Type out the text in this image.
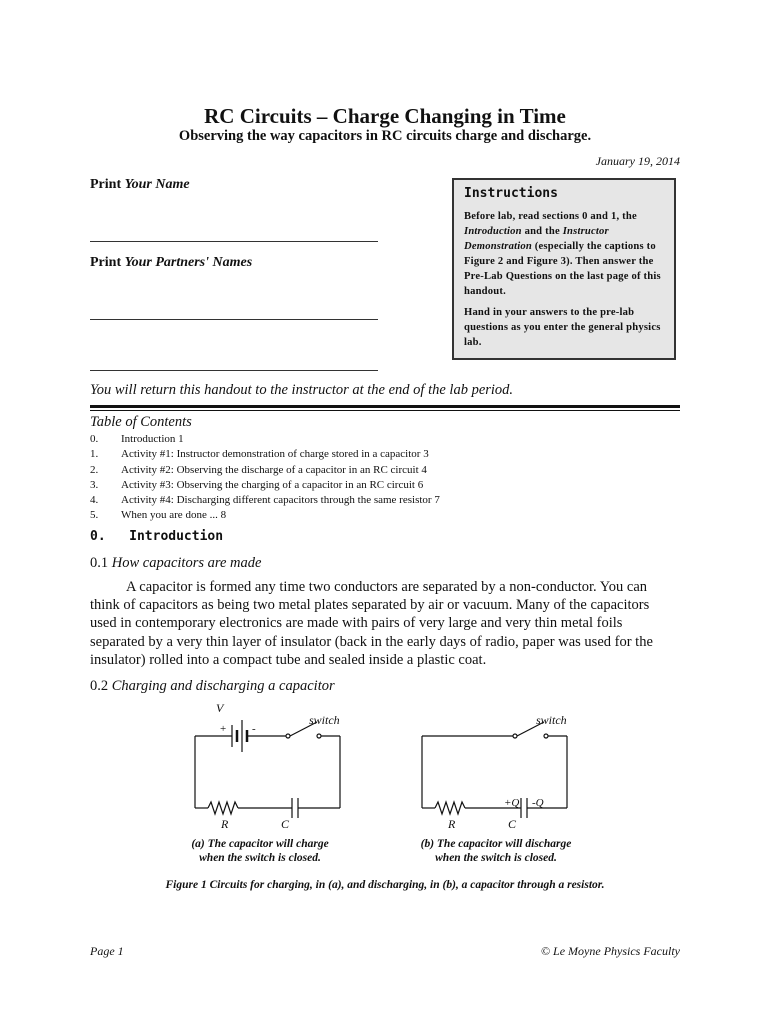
RC Circuits – Charge Changing in Time
Observing the way capacitors in RC circuits charge and discharge.
January 19, 2014
Print Your Name
Print Your Partners' Names
Instructions

Before lab, read sections 0 and 1, the Introduction and the Instructor Demonstration (especially the captions to Figure 2 and Figure 3). Then answer the Pre-Lab Questions on the last page of this handout.

Hand in your answers to the pre-lab questions as you enter the general physics lab.

You will return this handout to the instructor at the end of the lab period.
Table of Contents
0.	Introduction 1
1.	Activity #1: Instructor demonstration of charge stored in a capacitor 3
2.	Activity #2: Observing the discharge of a capacitor in an RC circuit 4
3.	Activity #3: Observing the charging of a capacitor in an RC circuit 6
4.	Activity #4: Discharging different capacitors through the same resistor 7
5.	When you are done ... 8
0.   Introduction
0.1 How capacitors are made
A capacitor is formed any time two conductors are separated by a non-conductor. You can
think of capacitors as being two metal plates separated by air or vacuum. Many of the capacitors
used in contemporary electronics are made with pairs of very large and very thin metal foils
separated by a very thin layer of insulator (back in the early days of radio, paper was used for the
insulator) rolled into a compact tube and sealed inside a plastic coat.
0.2 Charging and discharging a capacitor
V
+ -
switch
R	C
switch
+Q -Q
R	C
(a) The capacitor will charge
when the switch is closed.
(b) The capacitor will discharge
when the switch is closed.
Figure 1 Circuits for charging, in (a), and discharging, in (b), a capacitor through a resistor.
Page 1	© Le Moyne Physics Faculty
